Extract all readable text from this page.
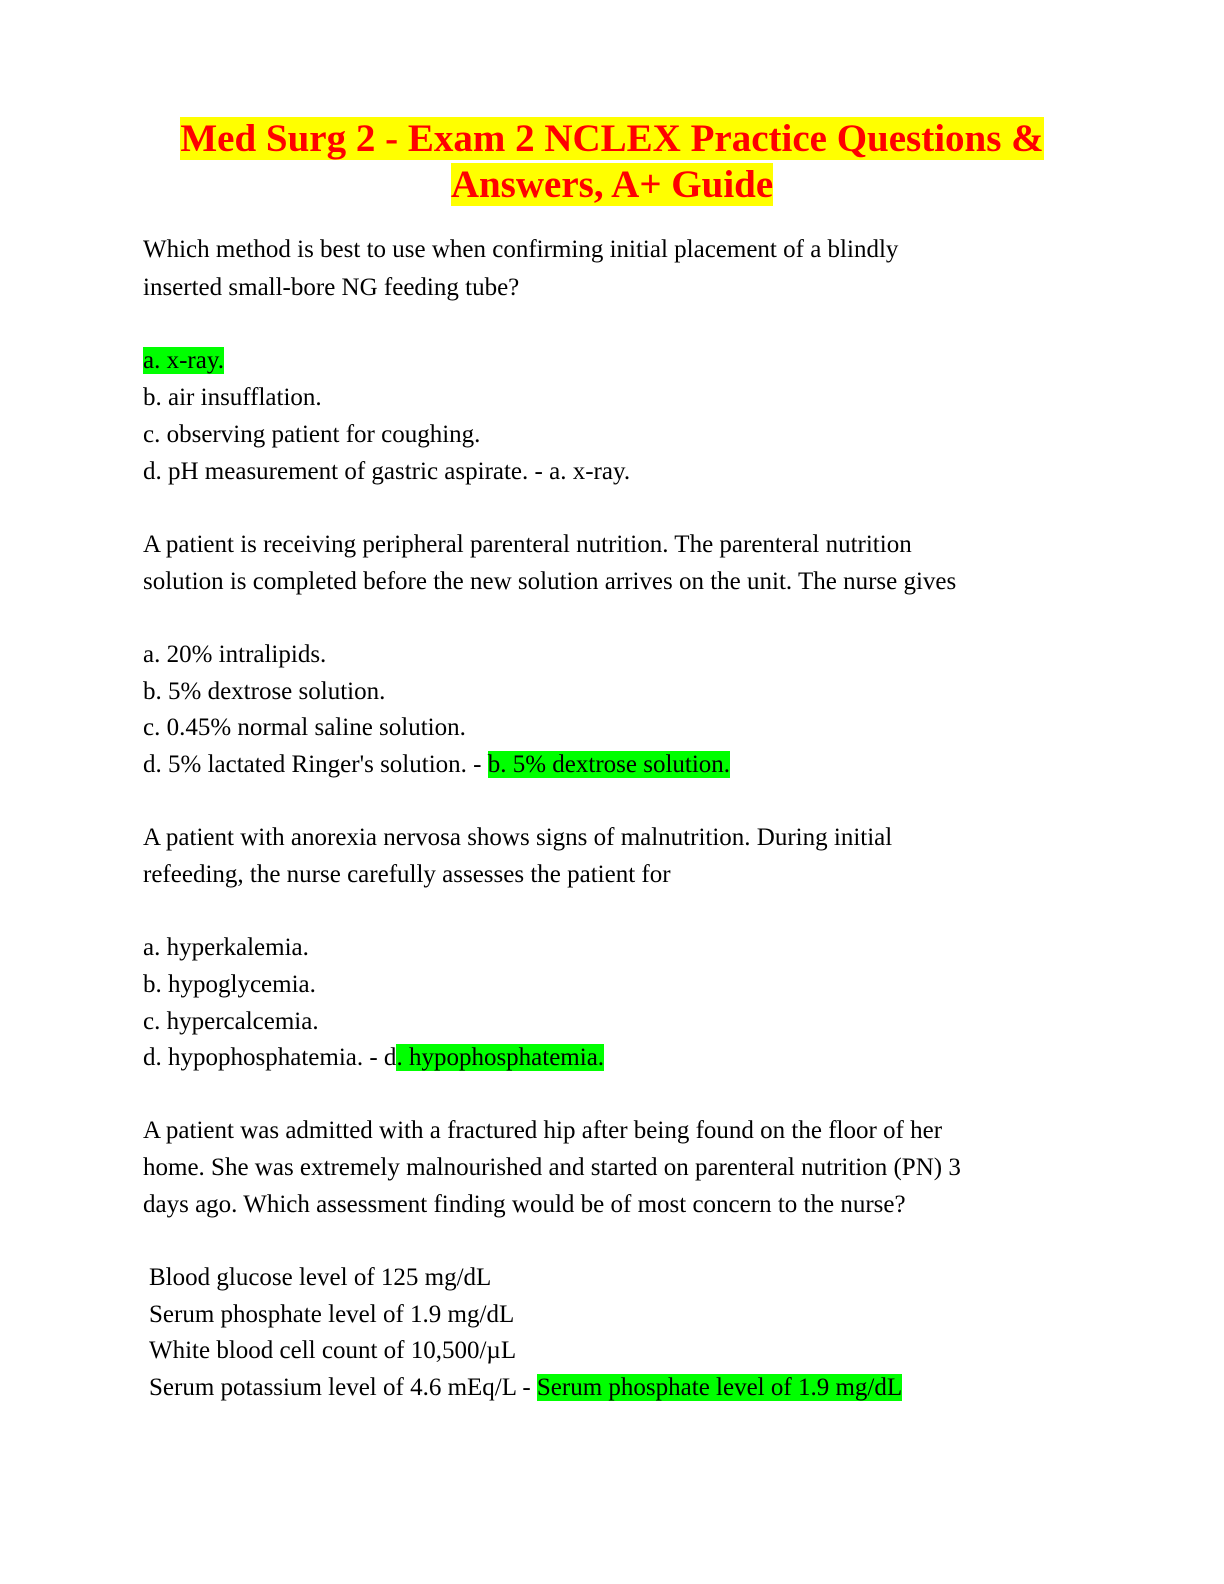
Med Surg 2 - Exam 2 NCLEX Practice Questions &
Answers, A+ Guide
Which method is best to use when confirming initial placement of a blindly
inserted small-bore NG feeding tube?
a. x-ray.
b. air insufflation.
c. observing patient for coughing.
d. pH measurement of gastric aspirate. - a. x-ray.
A patient is receiving peripheral parenteral nutrition. The parenteral nutrition
solution is completed before the new solution arrives on the unit. The nurse gives
a. 20% intralipids.
b. 5% dextrose solution.
c. 0.45% normal saline solution.
d. 5% lactated Ringer's solution. - b. 5% dextrose solution.
A patient with anorexia nervosa shows signs of malnutrition. During initial
refeeding, the nurse carefully assesses the patient for
a. hyperkalemia.
b. hypoglycemia.
c. hypercalcemia.
d. hypophosphatemia. - d. hypophosphatemia.
A patient was admitted with a fractured hip after being found on the floor of her
home. She was extremely malnourished and started on parenteral nutrition (PN) 3
days ago. Which assessment finding would be of most concern to the nurse?
Blood glucose level of 125 mg/dL
Serum phosphate level of 1.9 mg/dL
White blood cell count of 10,500/µL
Serum potassium level of 4.6 mEq/L - Serum phosphate level of 1.9 mg/dL
